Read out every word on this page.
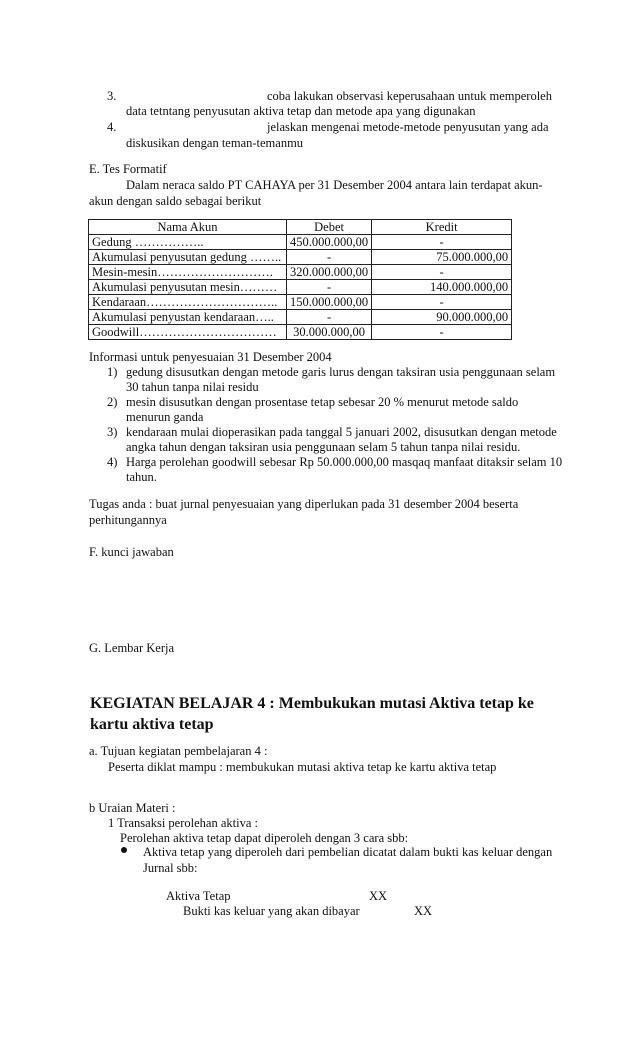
3.	coba lakukan observasi keperusahaan untuk memperoleh
data tetntang penyusutan aktiva tetap dan metode apa yang digunakan
4.	jelaskan mengenai metode-metode penyusutan yang ada
diskusikan dengan teman-temanmu
E. Tes Formatif
Dalam neraca saldo PT CAHAYA per 31 Desember 2004 antara lain terdapat akun-
akun dengan saldo sebagai berikut
Nama Akun	Debet	Kredit
Gedung ……………..	450.000.000,00	-
Akumulasi penyusutan gedung ……..	-	75.000.000,00
Mesin-mesin……………………….	320.000.000,00	-
Akumulasi penyusutan mesin………	-	140.000.000,00
Kendaraan…………………………..	150.000.000,00	-
Akumulasi penyustan kendaraan…..	-	90.000.000,00
Goodwill……………………………	30.000.000,00	-
Informasi untuk penyesuaian 31 Desember 2004
1) gedung disusutkan dengan metode garis lurus dengan taksiran usia penggunaan selam
30 tahun tanpa nilai residu
2) mesin disusutkan dengan prosentase tetap sebesar 20 % menurut metode saldo
menurun ganda
3) kendaraan mulai dioperasikan pada tanggal 5 januari 2002, disusutkan dengan metode
angka tahun dengan taksiran usia penggunaan selam 5 tahun tanpa nilai residu.
4) Harga perolehan goodwill sebesar Rp 50.000.000,00 masqaq manfaat ditaksir selam 10
tahun.
Tugas anda : buat jurnal penyesuaian yang diperlukan pada 31 desember 2004 beserta
perhitungannya
F. kunci jawaban
G. Lembar Kerja
KEGIATAN BELAJAR 4 : Membukukan mutasi Aktiva tetap ke kartu aktiva tetap
a. Tujuan kegiatan pembelajaran 4 :
Peserta diklat mampu : membukukan mutasi aktiva tetap ke kartu aktiva tetap
b Uraian Materi :
1 Transaksi perolehan aktiva :
Perolehan aktiva tetap dapat diperoleh dengan 3 cara sbb:
Aktiva tetap yang diperoleh dari pembelian dicatat dalam bukti kas keluar dengan
Jurnal sbb:
Aktiva Tetap	XX
Bukti kas keluar yang akan dibayar	XX
